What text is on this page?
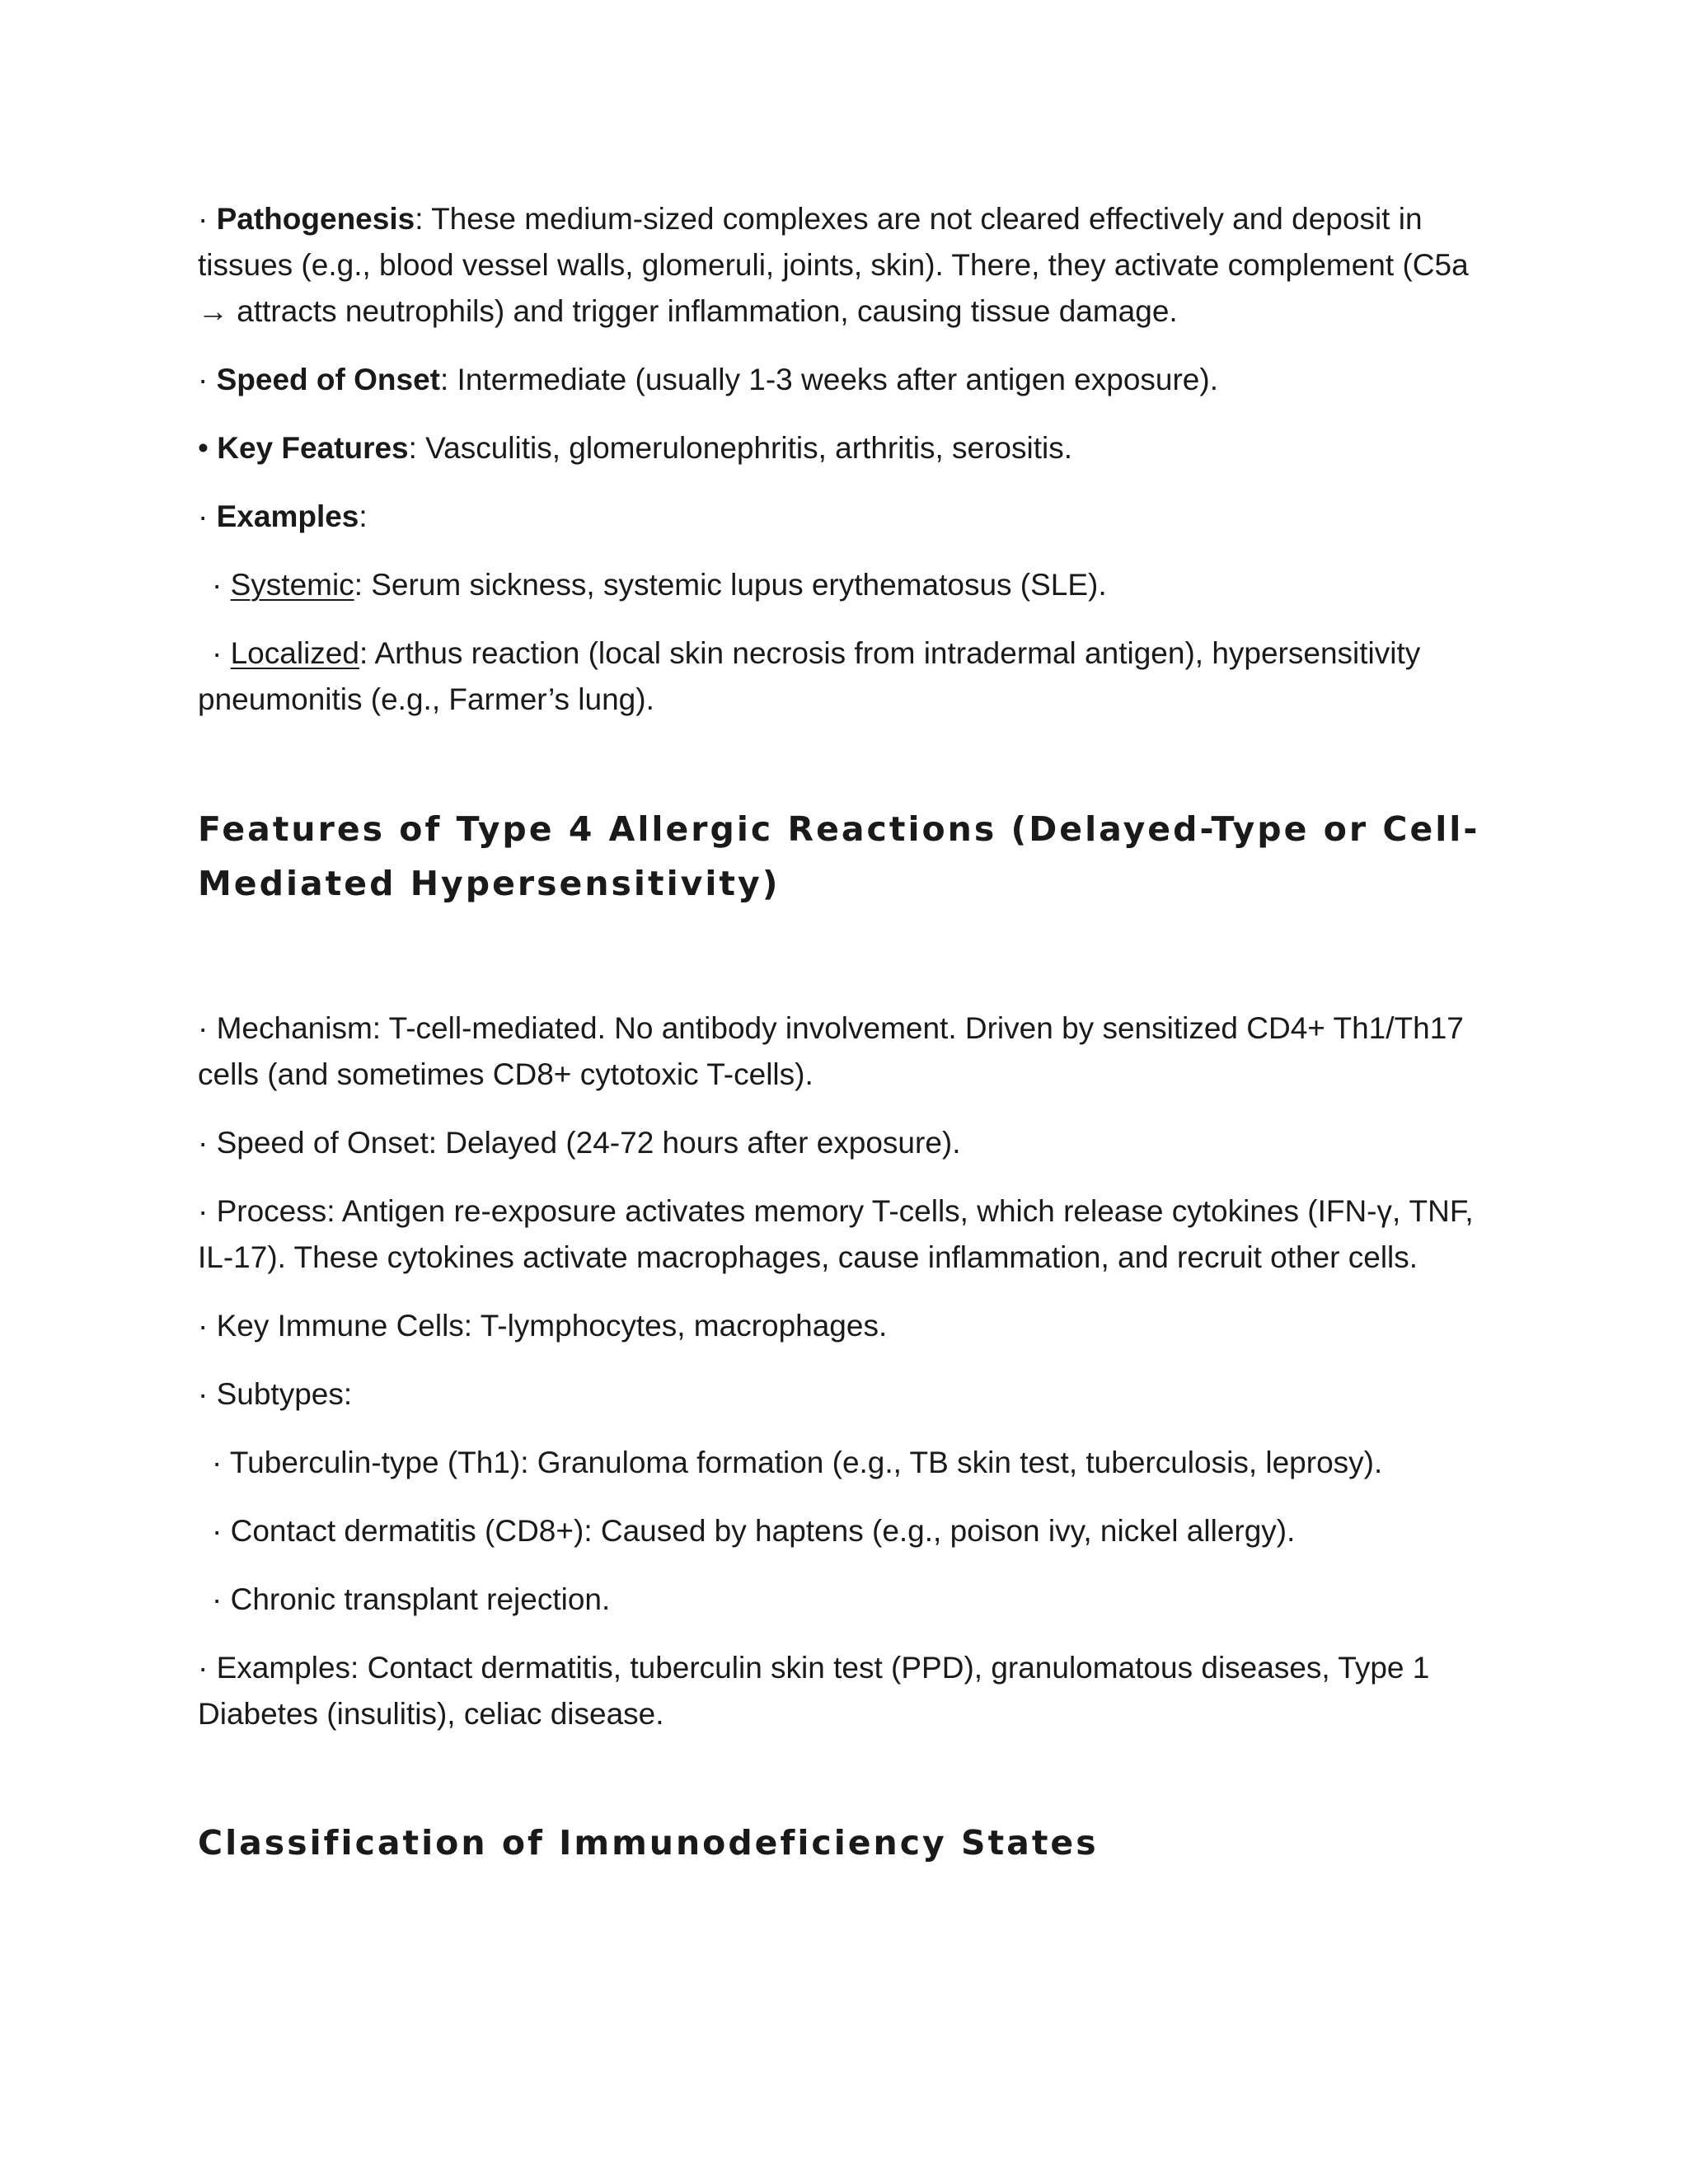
· Pathogenesis: These medium-sized complexes are not cleared effectively and deposit in tissues (e.g., blood vessel walls, glomeruli, joints, skin). There, they activate complement (C5a → attracts neutrophils) and trigger inflammation, causing tissue damage.

· Speed of Onset: Intermediate (usually 1-3 weeks after antigen exposure).

• Key Features: Vasculitis, glomerulonephritis, arthritis, serositis.

· Examples:

· Systemic: Serum sickness, systemic lupus erythematosus (SLE).

· Localized: Arthus reaction (local skin necrosis from intradermal antigen), hypersensitivity pneumonitis (e.g., Farmer’s lung).

Features of Type 4 Allergic Reactions (Delayed-Type or Cell-Mediated Hypersensitivity)

· Mechanism: T-cell-mediated. No antibody involvement. Driven by sensitized CD4+ Th1/Th17 cells (and sometimes CD8+ cytotoxic T-cells).

· Speed of Onset: Delayed (24-72 hours after exposure).

· Process: Antigen re-exposure activates memory T-cells, which release cytokines (IFN-γ, TNF, IL-17). These cytokines activate macrophages, cause inflammation, and recruit other cells.

· Key Immune Cells: T-lymphocytes, macrophages.

· Subtypes:

· Tuberculin-type (Th1): Granuloma formation (e.g., TB skin test, tuberculosis, leprosy).

· Contact dermatitis (CD8+): Caused by haptens (e.g., poison ivy, nickel allergy).

· Chronic transplant rejection.

· Examples: Contact dermatitis, tuberculin skin test (PPD), granulomatous diseases, Type 1 Diabetes (insulitis), celiac disease.

Classification of Immunodeficiency States
